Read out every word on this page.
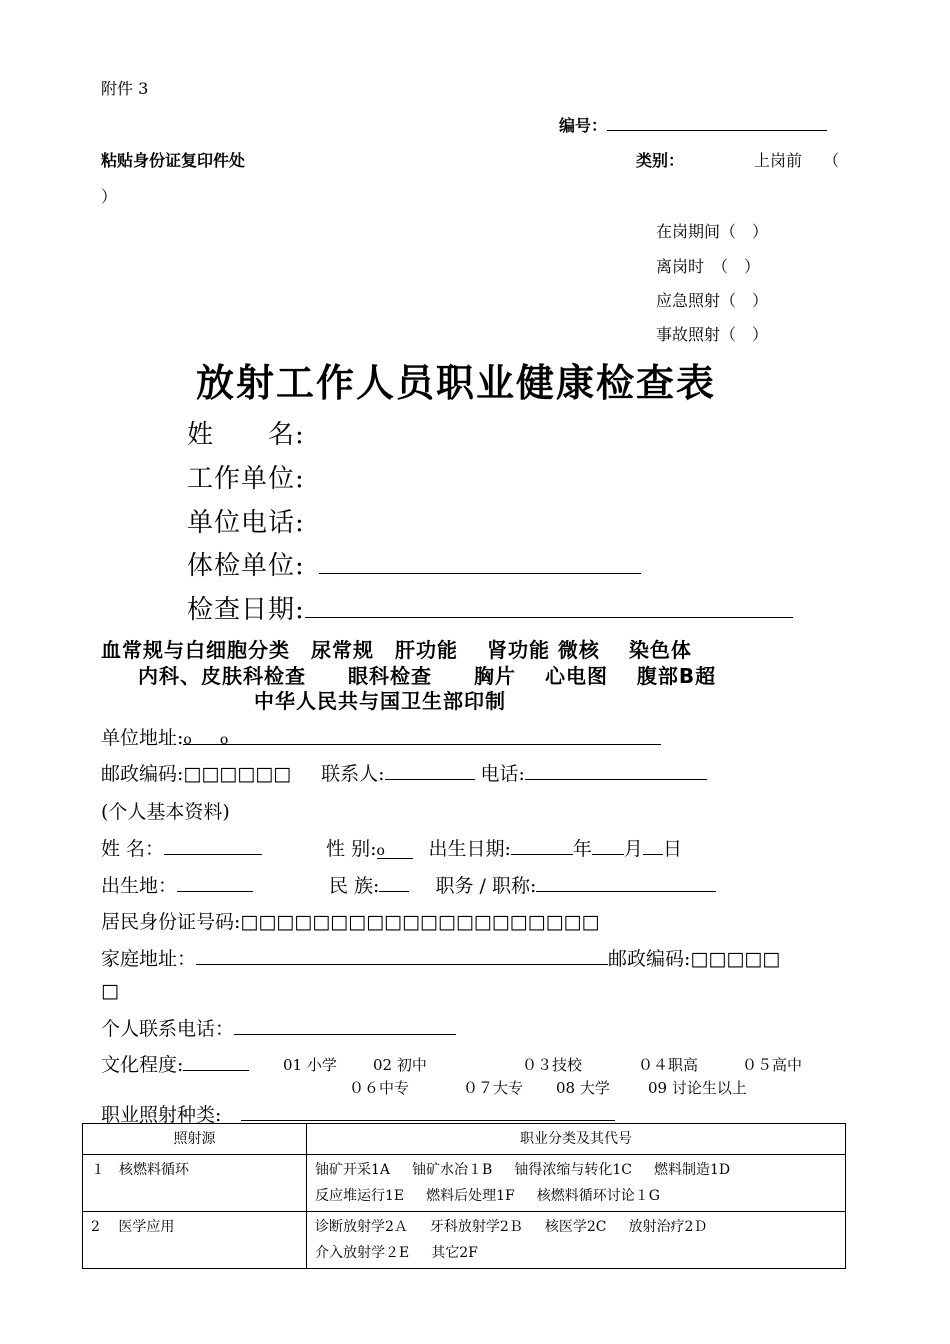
附件 3
编号：
粘贴身份证复印件处	类别：	上岗前　 （
）
在岗期间（　）
离岗时　（　）
应急照射（　）
事故照射（　）
放射工作人员职业健康检查表
姓　　名:
工作单位:
单位电话:
体检单位:
检查日期:
血常规与白细胞分类　尿常规　肝功能　 肾功能 微核　 染色体
内科、皮肤科检查　　眼科检查　　胸片　 心电图　 腹部B超
中华人民共与国卫生部印制
单位地址:o　　o
邮政编码:□□□□□□ 联系人:	电话:
(个人基本资料)
姓 名：	性 别:o 出生日期:	年 月 日
出生地：	民 族:	职务 / 职称:
居民身份证号码:□□□□□□□□□□□□□□□□□□□□
家庭地址：	邮政编码:□□□□□
□
个人联系电话：
文化程度:	01 小学 02 初中	０３技校	０４职高	０５高中
０６中专	０７大专 08 大学	09 讨论生以上
职业照射种类:
照射源	职业分类及其代号
１　核燃料循环	铀矿开采1A 铀矿水冶１B 铀得浓缩与转化1C 燃料制造1D
反应堆运行1E 燃料后处理1F 核燃料循环讨论１G

2　 医学应用	诊断放射学2Ａ 牙科放射学2Ｂ 核医学2C 放射治疗2Ｄ
介入放射学２E 其它2F
